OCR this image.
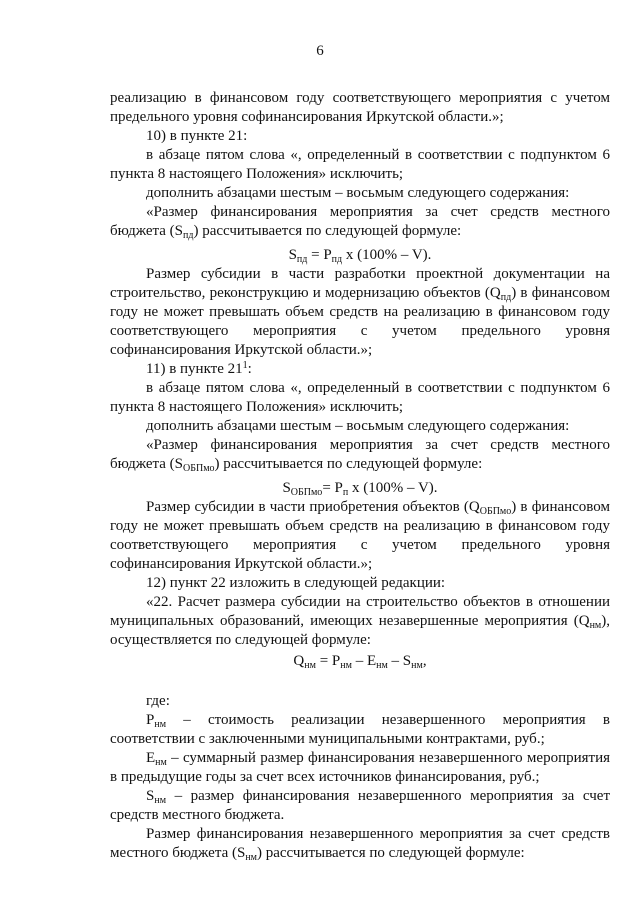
6
реализацию в финансовом году соответствующего мероприятия с учетом
предельного уровня софинансирования Иркутской области.»;
10) в пункте 21:
в абзаце пятом слова «, определенный в соответствии с подпунктом 6
пункта 8 настоящего Положения» исключить;
дополнить абзацами шестым – восьмым следующего содержания:
«Размер финансирования мероприятия за счет средств местного
бюджета $(S_{пд})$ рассчитывается по следующей формуле:
$S_{пд} = P_{пд}$ x (100% – V).
Размер субсидии в части разработки проектной документации на
строительство, реконструкцию и модернизацию объектов $(Q_{пд})$ в финансовом
году не может превышать объем средств на реализацию в финансовом году
соответствующего мероприятия с учетом предельного уровня
софинансирования Иркутской области.»;
11) в пункте $21^1$:
в абзаце пятом слова «, определенный в соответствии с подпунктом 6
пункта 8 настоящего Положения» исключить;
дополнить абзацами шестым – восьмым следующего содержания:
«Размер финансирования мероприятия за счет средств местного
бюджета $(S_{ОБПмо})$ рассчитывается по следующей формуле:
$S_{ОБПмо}= P_п$ x (100% – V).
Размер субсидии в части приобретения объектов $(Q_{ОБПмо})$ в финансовом
году не может превышать объем средств на реализацию в финансовом году
соответствующего мероприятия с учетом предельного уровня
софинансирования Иркутской области.»;
12) пункт 22 изложить в следующей редакции:
«22. Расчет размера субсидии на строительство объектов в отношении
муниципальных образований, имеющих незавершенные мероприятия $(Q_{нм})$,
осуществляется по следующей формуле:
$Q_{нм} = P_{нм} - E_{нм} - S_{нм}$,
где:
$P_{нм}$ – стоимость реализации незавершенного мероприятия в
соответствии с заключенными муниципальными контрактами, руб.;
$E_{нм}$ – суммарный размер финансирования незавершенного мероприятия
в предыдущие годы за счет всех источников финансирования, руб.;
$S_{нм}$ – размер финансирования незавершенного мероприятия за счет
средств местного бюджета.
Размер финансирования незавершенного мероприятия за счет средств
местного бюджета $(S_{нм})$ рассчитывается по следующей формуле:
